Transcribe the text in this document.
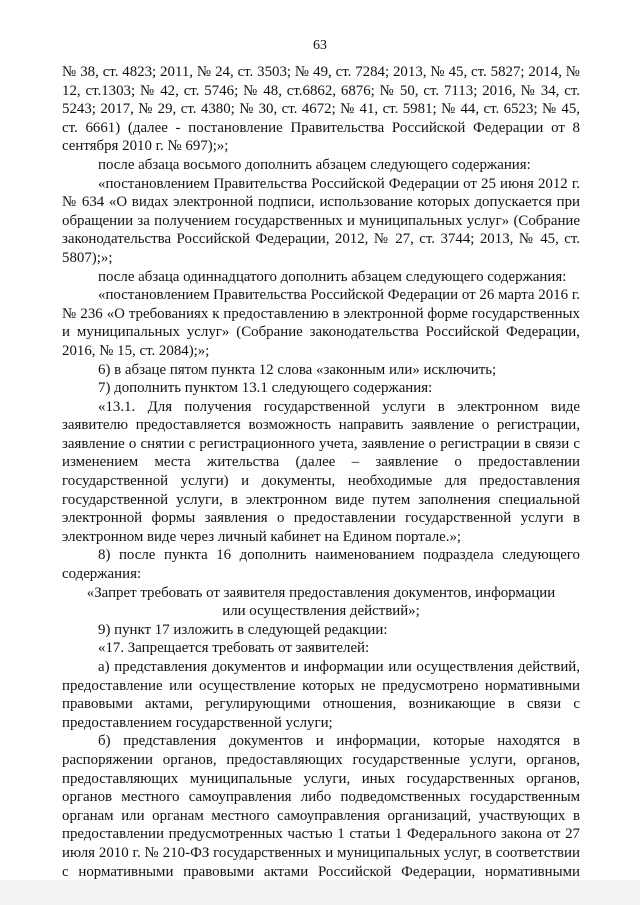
63

№ 38, ст. 4823; 2011, № 24, ст. 3503; № 49, ст. 7284; 2013, № 45, ст. 5827; 2014, № 12, ст.1303; № 42, ст. 5746; № 48, ст.6862, 6876; № 50, ст. 7113; 2016, № 34, ст. 5243; 2017, № 29, ст. 4380; № 30, ст. 4672; № 41, ст. 5981; № 44, ст. 6523; № 45, ст. 6661) (далее - постановление Правительства Российской Федерации от 8 сентября 2010 г. № 697);»;

после абзаца восьмого дополнить абзацем следующего содержания:

«постановлением Правительства Российской Федерации от 25 июня 2012 г. № 634 «О видах электронной подписи, использование которых допускается при обращении за получением государственных и муниципальных услуг» (Собрание законодательства Российской Федерации, 2012, № 27, ст. 3744; 2013, № 45, ст. 5807);»;

после абзаца одиннадцатого дополнить абзацем следующего содержания:

«постановлением Правительства Российской Федерации от 26 марта 2016 г. № 236 «О требованиях к предоставлению в электронной форме государственных и муниципальных услуг» (Собрание законодательства Российской Федерации, 2016, № 15, ст. 2084);»;

6) в абзаце пятом пункта 12 слова «законным или» исключить;

7) дополнить пунктом 13.1 следующего содержания:

«13.1. Для получения государственной услуги в электронном виде заявителю предоставляется возможность направить заявление о регистрации, заявление о снятии с регистрационного учета, заявление о регистрации в связи с изменением места жительства (далее – заявление о предоставлении государственной услуги) и документы, необходимые для предоставления государственной услуги, в электронном виде путем заполнения специальной электронной формы заявления о предоставлении государственной услуги в электронном виде через личный кабинет на Едином портале.»;

8) после пункта 16 дополнить наименованием подраздела следующего содержания:

«Запрет требовать от заявителя предоставления документов, информации
или осуществления действий»;

9) пункт 17 изложить в следующей редакции:

«17. Запрещается требовать от заявителей:

а) представления документов и информации или осуществления действий, предоставление или осуществление которых не предусмотрено нормативными правовыми актами, регулирующими отношения, возникающие в связи с предоставлением государственной услуги;

б) представления документов и информации, которые находятся в распоряжении органов, предоставляющих государственные услуги, органов, предоставляющих муниципальные услуги, иных государственных органов, органов местного самоуправления либо подведомственных государственным органам или органам местного самоуправления организаций, участвующих в предоставлении предусмотренных частью 1 статьи 1 Федерального закона от 27 июля 2010 г. № 210-ФЗ государственных и муниципальных услуг, в соответствии с нормативными правовыми актами Российской Федерации, нормативными
